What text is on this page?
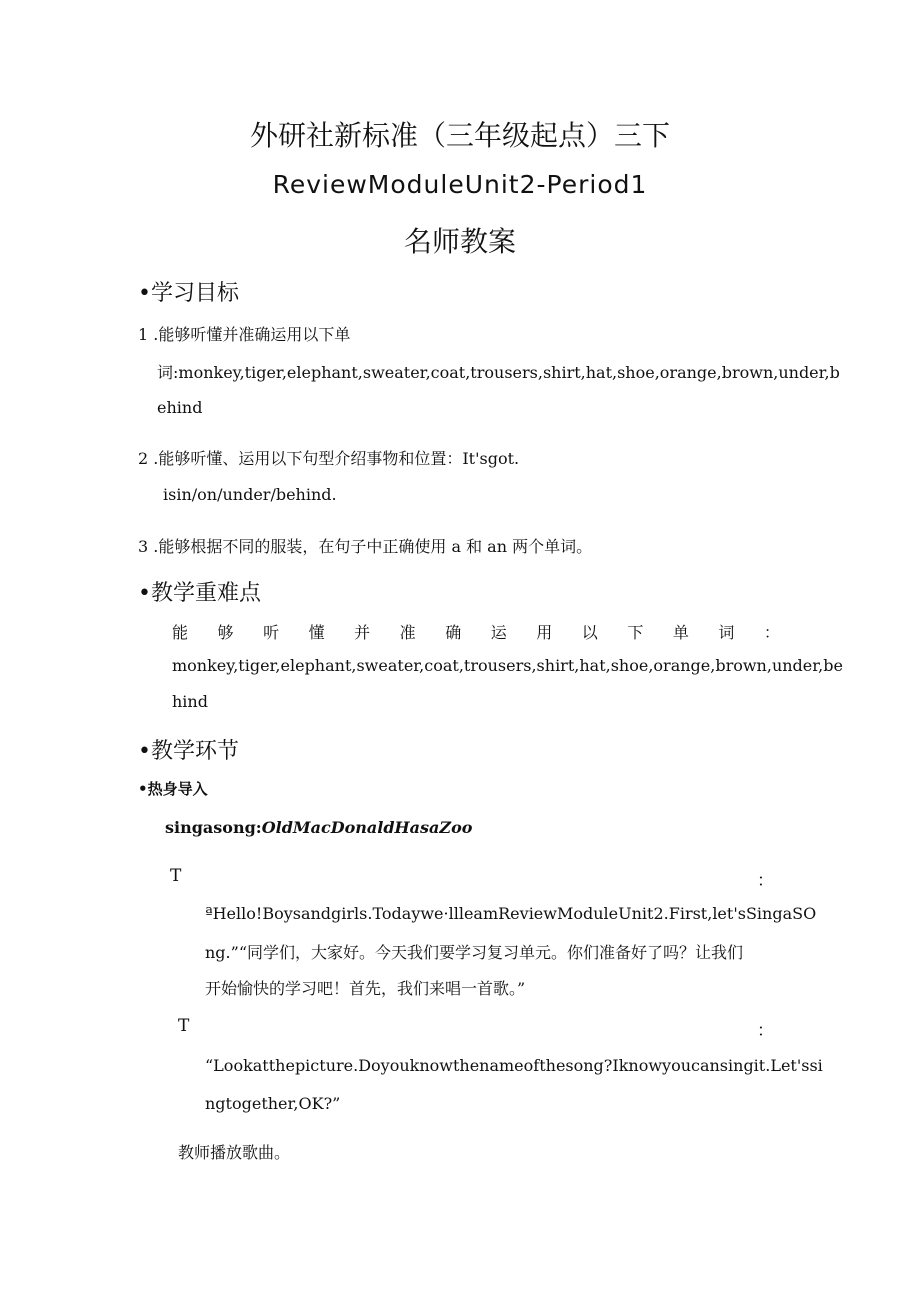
外研社新标准（三年级起点）三下
ReviewModuleUnit2-Period1
名师教案
•学习目标
1 .能够听懂并准确运用以下单
词:monkey,tiger,elephant,sweater,coat,trousers,shirt,hat,shoe,orange,brown,under,b
ehind
2 .能够听懂、运用以下句型介绍事物和位置：It'sgot.
isin/on/under/behind.
3 .能够根据不同的服装，在句子中正确使用 a 和 an 两个单词。
•教学重难点
能 够 听 懂 并 准 确 运 用 以 下 单 词 ：
monkey,tiger,elephant,sweater,coat,trousers,shirt,hat,shoe,orange,brown,under,be
hind
•教学环节
•热身导入
singasong:OldMacDonaldHasaZoo
T	：
ªHello!Boysandgirls.Todaywe·llleamReviewModuleUnit2.First,let'sSingaSO
ng.”“同学们，大家好。今天我们要学习复习单元。你们准备好了吗？让我们
开始愉快的学习吧！首先，我们来唱一首歌。”
T	：
“Lookatthepicture.Doyouknowthenameofthesong?Iknowyoucansingit.Let'ssi
ngtogether,OK?”
教师播放歌曲。
